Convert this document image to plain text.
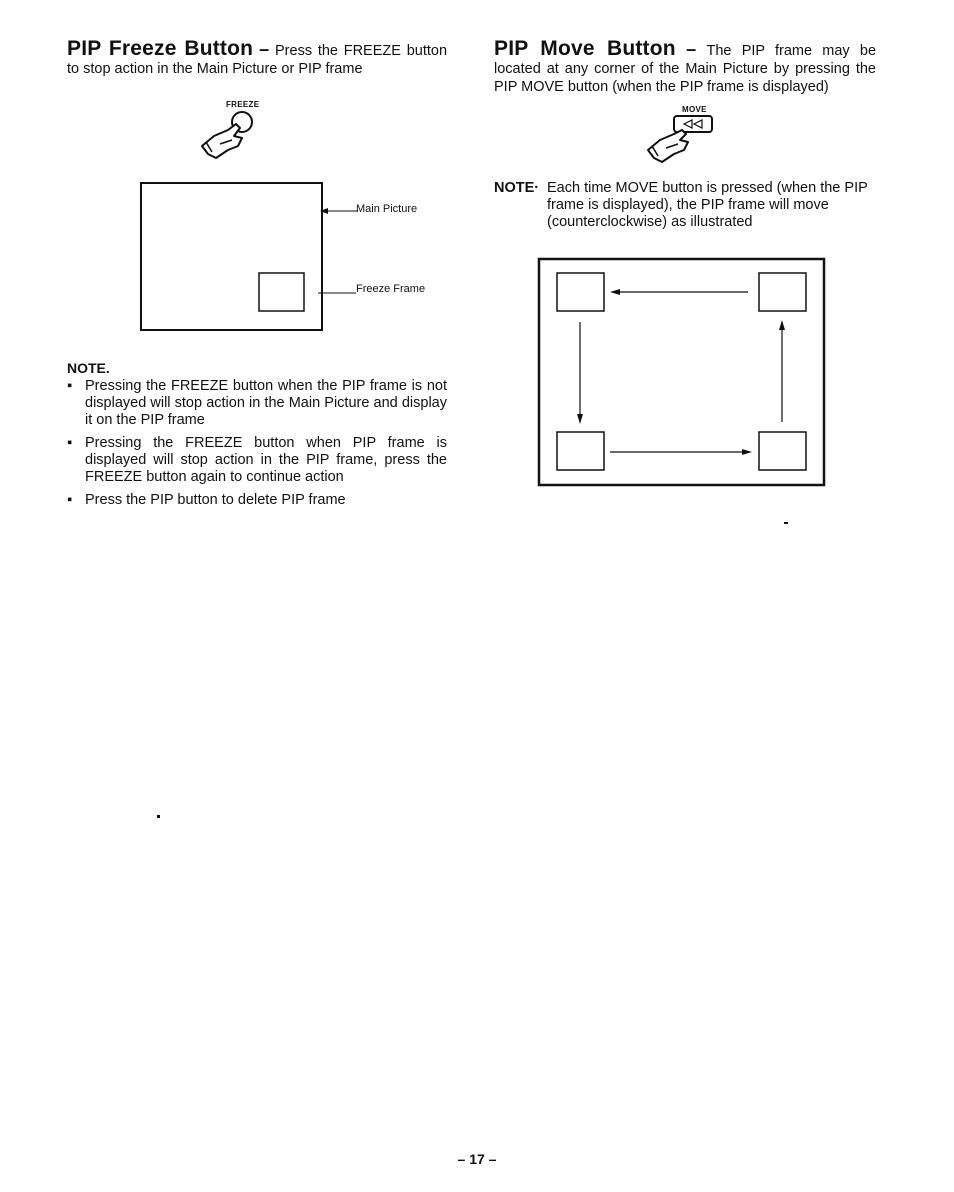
PIP Freeze Button – Press the FREEZE button to stop action in the Main Picture or PIP frame

FREEZE
Main Picture
Freeze Frame

NOTE.

▪ Pressing the FREEZE button when the PIP frame is not displayed will stop action in the Main Picture and display it on the PIP frame
▪ Pressing the FREEZE button when PIP frame is displayed will stop action in the PIP frame, press the FREEZE button again to continue action
▪ Press the PIP button to delete PIP frame

PIP Move Button – The PIP frame may be located at any corner of the Main Picture by pressing the PIP MOVE button (when the PIP frame is displayed)

MOVE
NOTE· Each time MOVE button is pressed (when the PIP frame is displayed), the PIP frame will move (counterclockwise) as illustrated
– 17 –
